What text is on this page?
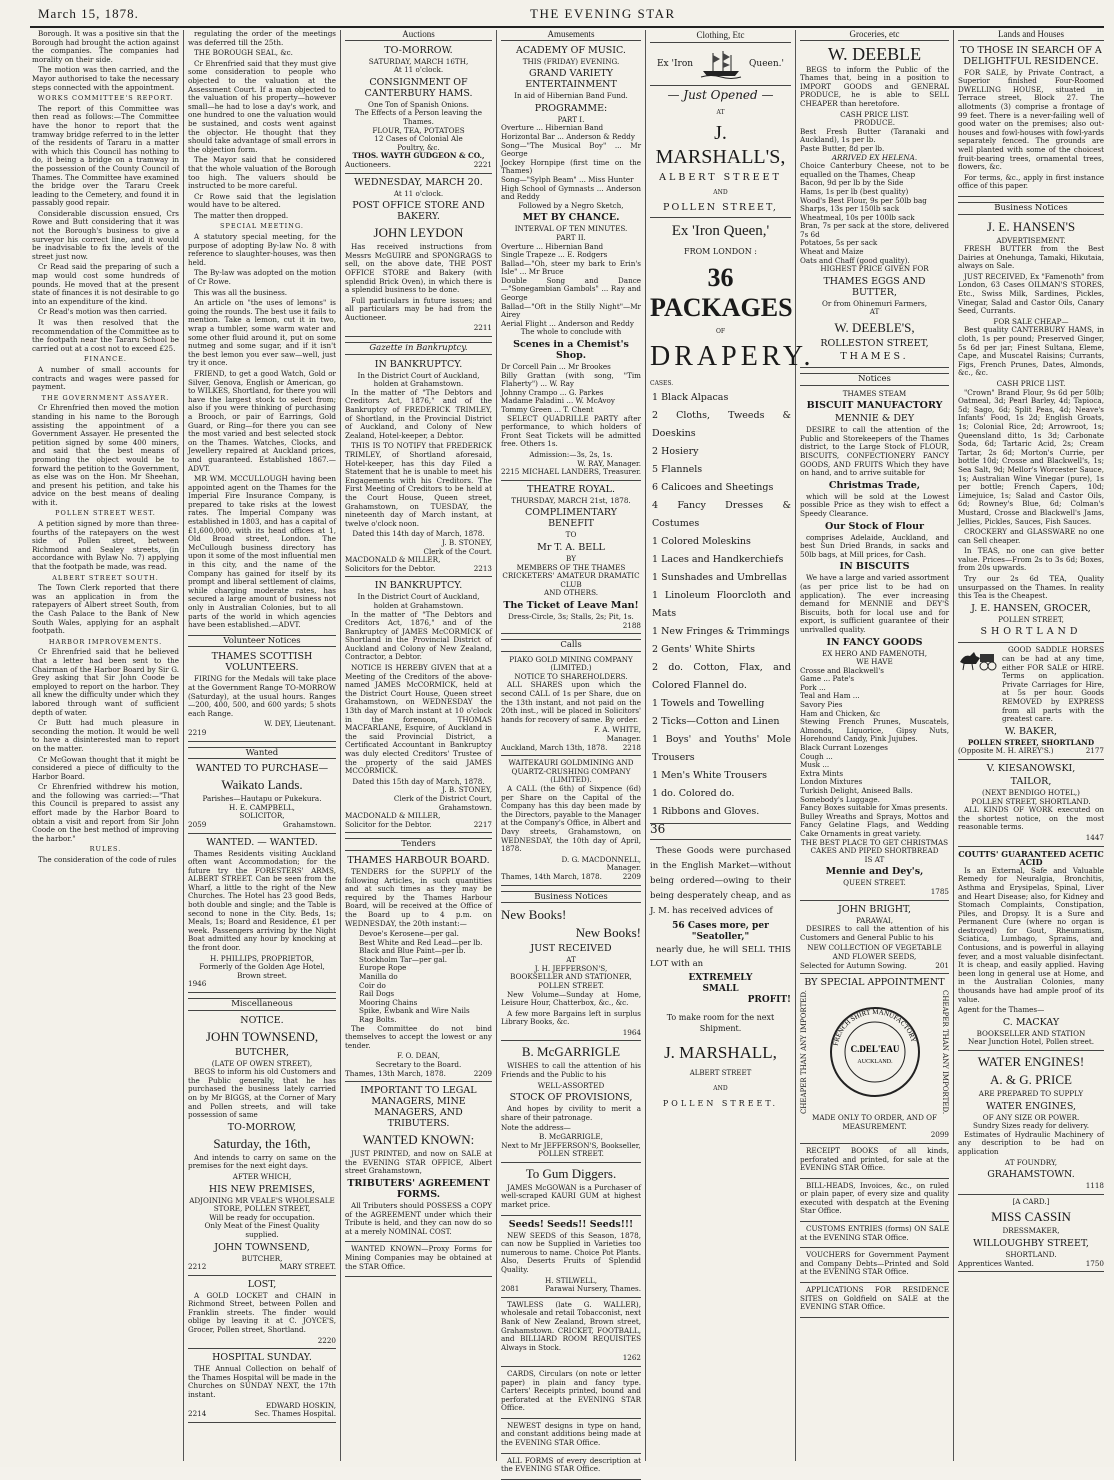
March 15, 1878.	THE EVENING STAR

Borough. It was a positive sin that the Borough had brought the action against the companies. The companies had morality on their side.

The motion was then carried, and the Mayor authorised to take the necessary steps connected with the appointment.

WORKS COMMITTEE'S REPORT.

The report of this Committee was then read as follows:—The Committee have the honor to report that the tramway bridge referred to in the letter of the residents of Tararu in a matter with which this Council has nothing to do, it being a bridge on a tramway in the possession of the County Council of Thames. The Committee have examined the bridge over the Tararu Creek leading to the Cemetery, and found it in passably good repair.

Considerable discussion ensued, Crs Rowe and Butt considering that it was not the Borough's business to give a surveyor his correct line, and it would be inadvisable to fix the levels of the street just now.

Cr Read said the preparing of such a map would cost some hundreds of pounds. He moved that at the present state of finances it is not desirable to go into an expenditure of the kind.

Cr Read's motion was then carried.

It was then resolved that the recommendation of the Committee as to the footpath near the Tararu School be carried out at a cost not to exceed £25.

FINANCE.

A number of small accounts for contracts and wages were passed for payment.

THE GOVERNMENT ASSAYER.

Cr Ehrenfried then moved the motion standing in his name to the Borough assisting the appointment of a Government Assayer. He presented the petition signed by some 400 miners, and said that the best means of promoting the object would be to forward the petition to the Government, as else was on the Hon. Mr Sheehan, and present his petition, and take his advice on the best means of dealing with it.

POLLEN STREET WEST.

A petition signed by more than three-fourths of the ratepayers on the west side of Pollen street, between Richmond and Sealey streets, (in accordance with Bylaw No. 7) applying that the footpath be made, was read.

ALBERT STREET SOUTH.

The Town Clerk reported that there was an application in from the ratepayers of Albert street South, from the Cash Palace to the Bank of New South Wales, applying for an asphalt footpath.

HARBOR IMPROVEMENTS.

Cr Ehrenfried said that he believed that a letter had been sent to the Chairman of the Harbor Board by Sir G. Grey asking that Sir John Coode be employed to report on the harbor. They all knew the difficulty under which they labored through want of sufficient depth of water.

Cr Butt had much pleasure in seconding the motion. It would be well to have a disinterested man to report on the matter.

Cr McGowan thought that it might be considered a piece of difficulty to the Harbor Board.

Cr Ehrenfried withdrew his motion, and the following was carried:—"That this Council is prepared to assist any effort made by the Harbor Board to obtain a visit and report from Sir John Coode on the best method of improving the harbor."

RULES.

The consideration of the code of rules

regulating the order of the meetings was deferred till the 25th.

THE BOROUGH SEAL, &c.

Cr Ehrenfried said that they must give some consideration to people who objected to the valuation at the Assessment Court. If a man objected to the valuation of his property—however small—he had to lose a day's work, and one hundred to one the valuation would be sustained, and costs went against the objector. He thought that they should take advantage of small errors in the objection form.

The Mayor said that he considered that the whole valuation of the Borough too high. The valuers should be instructed to be more careful.

Cr Rowe said that the legislation would have to be altered.

The matter then dropped.

SPECIAL MEETING.

A statutory special meeting, for the purpose of adopting By-law No. 8 with reference to slaughter-houses, was then held.

The By-law was adopted on the motion of Cr Rowe.

This was all the business.

An article on "the uses of lemons" is going the rounds. The best use it fails to mention. Take a lemon, cut it in two, wrap a tumbler, some warm water and some other fluid around it, put on some nutmeg and some sugar, and if it isn't the best lemon you ever saw—well, just try it once.

FRIEND, to get a good Watch, Gold or Silver, Genova, English or American, go to WILKES, Shortland, for there you will have the largest stock to select from; also if you were thinking of purchasing a Brooch, or pair of Earrings, Gold Guard, or Ring—for there you can see the most varied and best selected stock on the Thames. Watches, Clocks, and Jewellery repaired at Auckland prices, and guaranteed. Established 1867.—ADVT.

MR WM. MCCULLOUGH having been appointed agent on the Thames for the Imperial Fire Insurance Company, is prepared to take risks at the lowest rates. The Imperial Company was established in 1803, and has a capital of £1,600,000, with its head offices at 1, Old Broad street, London. The McCullough business directory has upon it some of the most influential men in this city, and the name of the Company has gained for itself by its prompt and liberal settlement of claims, while charging moderate rates, has secured a large amount of business not only in Australian Colonies, but to all parts of the world in which agencies have been established.—ADVT.

Volunteer Notices
THAMES SCOTTISH VOLUNTEERS.

FIRING for the Medals will take place at the Government Range TO-MORROW (Saturday), at the usual hours. Ranges—200, 400, 500, and 600 yards; 5 shots each Range.

W. DEY, Lieutenant.
2219
Wanted
WANTED TO PURCHASE—
Waikato Lands.
Parishes—Hautapu or Pukekura.
H. E. CAMPBELL,
SOLICITOR,
2059	Grahamstown.
WANTED. — WANTED.

Thames Residents visiting Auckland often want Accommodation; for the future try the FORESTERS' ARMS, ALBERT STREET. Can be seen from the Wharf, a little to the right of the New Churches. The Hotel has 23 good Beds, both double and single; and the Table is second to none in the City. Beds, 1s; Meals, 1s; Board and Residence, £1 per week. Passengers arriving by the Night Boat admitted any hour by knocking at the front door.

H. PHILLIPS, PROPRIETOR,
Formerly of the Golden Age Hotel, Brown street.
1946
Miscellaneous
NOTICE.
JOHN TOWNSEND,
BUTCHER,
(LATE OF OWEN STREET),

BEGS to inform his old Customers and the Public generally, that he has purchased the business lately carried on by Mr BIGGS, at the Corner of Mary and Pollen streets, and will take possession of same

TO-MORROW,
Saturday, the 16th,

And intends to carry on same on the premises for the next eight days.

AFTER WHICH,
HIS NEW PREMISES,
ADJOINING MR VEALE'S WHOLESALE STORE, POLLEN STREET,
Will be ready for occupation.
Only Meat of the Finest Quality supplied.
JOHN TOWNSEND,
BUTCHER,
2212	MARY STREET.
LOST,

A GOLD LOCKET and CHAIN in Richmond Street, between Pollen and Franklin streets. The finder would oblige by leaving it at C. JOYCE'S, Grocer, Pollen street, Shortland.

2220
HOSPITAL SUNDAY.

THE Annual Collection on behalf of the Thames Hospital will be made in the Churches on SUNDAY NEXT, the 17th instant.

EDWARD HOSKIN,
2214	Sec. Thames Hospital.
Auctions
TO-MORROW.
SATURDAY, MARCH 16TH,
At 11 o'clock.
CONSIGNMENT OF CANTERBURY HAMS.
One Ton of Spanish Onions.
The Effects of a Person leaving the Thames.
FLOUR, TEA, POTATOES
12 Cases of Colonial Ale
Poultry, &c.
THOS. WAYTH GUDGEON & CO.,
Auctioneers.	2221
WEDNESDAY, MARCH 20.
At 11 o'clock.
POST OFFICE STORE AND BAKERY.
JOHN LEYDON

Has received instructions from Messrs McGUIRE and SPONGRAGS to sell, on the above date, THE POST OFFICE STORE and Bakery (with splendid Brick Oven), in which there is a splendid business to be done.

Full particulars in future issues; and all particulars may be had from the Auctioneer.

2211
Gazette in Bankruptcy.
IN BANKRUPTCY.
In the District Court of Auckland, holden at Grahamstown.

In the matter of "The Debtors and Creditors Act, 1876," and of the Bankruptcy of FREDERICK TRIMLEY, of Shortland, in the Provincial District of Auckland, and Colony of New Zealand, Hotel-keeper, a Debtor.

THIS IS TO NOTIFY that FREDERICK TRIMLEY, of Shortland aforesaid, Hotel-keeper, has this day Filed a Statement that he is unable to meet his Engagements with his Creditors. The First Meeting of Creditors to be held at the Court House, Queen street, Grahamstown, on TUESDAY, the nineteenth day of March instant, at twelve o'clock noon.

Dated this 14th day of March, 1878.
J. B. STONEY,
Clerk of the Court.
MACDONALD & MILLER,
Solicitors for the Debtor.	2213
IN BANKRUPTCY.
In the District Court of Auckland, holden at Grahamstown.

In the matter of "The Debtors and Creditors Act, 1876," and of the Bankruptcy of JAMES McCORMICK of Shortland in the Provincial District of Auckland and Colony of New Zealand, Contractor, a Debtor.

NOTICE IS HEREBY GIVEN that at a Meeting of the Creditors of the above-named JAMES McCORMICK, held at the District Court House, Queen street Grahamstown, on WEDNESDAY the 13th day of March instant at 10 o'clock in the forenoon, THOMAS MACFARLANE, Esquire, of Auckland in the said Provincial District, a Certificated Accountant in Bankruptcy was duly elected Creditors' Trustee of the property of the said JAMES MCCORMICK.

Dated this 15th day of March, 1878.
J. B. STONEY,
Clerk of the District Court, Grahamstown.
MACDONALD & MILLER,
Solicitor for the Debtor.	2217
Tenders
THAMES HARBOUR BOARD.

TENDERS for the SUPPLY of the following Articles, in such quantities and at such times as they may be required by the Thames Harbour Board, will be received at the Office of the Board up to 4 p.m. on WEDNESDAY, the 20th instant:—

Devoe's Kerosene—per gal.
Best White and Red Lead—per lb.
Black and Blue Paint—per lb.
Stockholm Tar—per gal.
Europe Rope
Manilla do
Coir do
Rail Dogs
Mooring Chains
Spike, Ewbank and Wire Nails
Rag Bolts.

The Committee do not bind themselves to accept the lowest or any tender.

F. O. DEAN,
Secretary to the Board.
Thames, 13th March, 1878.	2209
IMPORTANT TO LEGAL MANAGERS, MINE MANAGERS, AND TRIBUTERS.
WANTED KNOWN:

JUST PRINTED, and now on SALE at the EVENING STAR OFFICE, Albert street Grahamstown,

TRIBUTERS' AGREEMENT FORMS.

All Tributers should POSSESS a COPY of the AGREEMENT under which their Tribute is held, and they can now do so at a merely NOMINAL COST.

WANTED KNOWN—Proxy Forms for Mining Companies may be obtained at the STAR Office.

Amusements
ACADEMY OF MUSIC.
THIS (FRIDAY) EVENING.
GRAND VARIETY ENTERTAINMENT
In aid of Hibernian Band Fund.
PROGRAMME:
PART I.
Overture ... Hibernian Band
Horizontal Bar ... Anderson & Reddy
Song—"The Musical Boy" ... Mr George
Jockey Hornpipe (first time on the Thames)
Song—"Sylph Beam" ... Miss Hunter
High School of Gymnasts ... Anderson and Reddy
Followed by a Negro Sketch,
MET BY CHANCE.
INTERVAL OF TEN MINUTES.
PART II.
Overture ... Hibernian Band
Single Trapeze ... E. Rodgers
Ballad—"Oh, steer my bark to Erin's Isle" ... Mr Bruce
Double Song and Dance—"Sonegambian Gambols" ... Ray and George
Ballad—"Oft in the Stilly Night"—Mr Airey
Aerial Flight ... Anderson and Reddy
The whole to conclude with
Scenes in a Chemist's Shop.
Dr Corcell Pain ... Mr Brookes
Billy Grattan (with song, "Tim Flaherty") ... W. Ray
Johnny Crampo ... G. Parkes
Madame Paladini ... W. McAvoy
Tommy Green ... T. Chent

SELECT QUADRILLE PARTY after performance, to which holders of Front Seat Tickets will be admitted free. Others 1s.

Admission:—3s, 2s, 1s.
W. RAY, Manager.
2215 MICHAEL LANDERS, Treasurer.
THEATRE ROYAL.
THURSDAY, MARCH 21st, 1878.
COMPLIMENTARY BENEFIT
TO
Mr T. A. BELL
BY
MEMBERS OF THE THAMES CRICKETERS' AMATEUR DRAMATIC CLUB
AND OTHERS.
The Ticket of Leave Man!
Dress-Circle, 3s; Stalls, 2s; Pit, 1s.
2188
Calls
PIAKO GOLD MINING COMPANY
(LIMITED.)
NOTICE TO SHAREHOLDERS.

ALL SHARES upon which the second CALL of 1s per Share, due on the 13th instant, and not paid on the 20th inst., will be placed in Solicitors' hands for recovery of same. By order.

F. A. WHITE,
Manager.
Auckland, March 13th, 1878. 2218
WAITEKAURI GOLDMINING AND QUARTZ-CRUSHING COMPANY
(LIMITED).

A CALL (the 6th) of Sixpence (6d) per Share on the Capital of the Company has this day been made by the Directors, payable to the Manager at the Company's Office, in Albert and Davy streets, Grahamstown, on WEDNESDAY, the 10th day of April, 1878.

D. G. MACDONNELL,
Manager.
Thames, 14th March, 1878.	2209
Business Notices
New Books!
New Books!
JUST RECEIVED
AT
J. H. JEFFERSON'S,
BOOKSELLER AND STATIONER, POLLEN STREET.

New Volume—Sunday at Home, Leisure Hour, Chatterbox, &c., &c.

A few more Bargains left in surplus Library Books, &c.

1964
B. McGARRIGLE

WISHES to call the attention of his Friends and the Public to his

WELL-ASSORTED
STOCK OF PROVISIONS,

And hopes by civility to merit a share of their patronage.

Note the address—
B. McGARRIGLE,
Next to Mr JEFFERSON'S, Bookseller,
POLLEN STREET.
To Gum Diggers.

JAMES McGOWAN is a Purchaser of well-scraped KAURI GUM at highest market price.

Seeds! Seeds!! Seeds!!!

NEW SEEDS of this Season, 1878, can now be Supplied in Varieties too numerous to name. Choice Pot Plants. Also, Deserts Fruits of Splendid Quality.

H. STILWELL,
2081	Parawai Nursery, Thames.

TAWLESS (late G. WALLER), wholesale and retail Tobacconist, next Bank of New Zealand, Brown street, Grahamstown. CRICKET, FOOTBALL, and BILLIARD ROOM REQUISITES Always in Stock.

1262

CARDS, Circulars (on note or letter paper) in plain and fancy type. Carters' Receipts printed, bound and perforated at the EVENING STAR Office.

NEWEST designs in type on hand, and constant additions being made at the EVENING STAR Office.

ALL FORMS of every description at the EVENING STAR Office.

Clothing, Etc
Ex 'Iron	Queen.'
— Just Opened —
AT
J. MARSHALL'S,
ALBERT STREET
AND
POLLEN STREET,
Ex 'Iron Queen,'
FROM LONDON :
36 PACKAGES
OF
DRAPERY.
CASES.
1 Black Alpacas
2 Cloths, Tweeds & Doeskins
2 Hosiery
5 Flannels
6 Calicoes and Sheetings
4 Fancy Dresses & Costumes
1 Colored Moleskins
1 Laces and Handkerchiefs
1 Sunshades and Umbrellas
1 Linoleum Floorcloth and Mats
1 New Fringes & Trimmings
2 Gents' White Shirts
2 do. Cotton, Flax, and Colored Flannel do.
1 Towels and Towelling
2 Ticks—Cotton and Linen
1 Boys' and Youths' Mole Trousers
1 Men's White Trousers
1 do. Colored do.
1 Ribbons and Gloves.
36

These Goods were purchased in the English Market—without being ordered—owing to their being desperately cheap, and as J. M. has received advices of

56 Cases more, per "Seatoller,"

nearly due, he will SELL THIS LOT with an

EXTREMELY
SMALL
PROFIT!
To make room for the next Shipment.
J. MARSHALL,
ALBERT STREET
AND
POLLEN STREET.
Groceries, etc
W. DEEBLE

BEGS to inform the Public of the Thames that, being in a position to IMPORT GOODS and GENERAL PRODUCE, he is able to SELL CHEAPER than heretofore.

CASH PRICE LIST.
PRODUCE.
Best Fresh Butter (Taranaki and Auckland), 1s per lb.
Paste Butter, 8d per lb.
ARRIVED EX HELENA.
Choice Canterbury Cheese, not to be equalled on the Thames, Cheap
Bacon, 9d per lb by the Side
Hams, 1s per lb (best quality)
Wood's Best Flour, 9s per 50lb bag
Sharps, 13s per 150lb sack
Wheatmeal, 10s per 100lb sack
Bran, 7s per sack at the store, delivered 7s 6d
Potatoes, 5s per sack
Wheat and Maize
Oats and Chaff (good quality).
HIGHEST PRICE GIVEN FOR
THAMES EGGS AND BUTTER,
Or from Ohinemuri Farmers,
AT
W. DEEBLE'S,
ROLLESTON STREET,
THAMES.
Notices
THAMES STEAM
BISCUIT MANUFACTORY
MENNIE & DEY

DESIRE to call the attention of the Public and Storekeepers of the Thames district, to the Large Stock of FLOUR, BISCUITS, CONFECTIONERY FANCY GOODS, AND FRUITS Which they have on hand, and to arrive suitable for

Christmas Trade,

which will be sold at the Lowest possible Price as they wish to effect a Speedy Clearance.

Our Stock of Flour

comprises Adelaide, Auckland, and best Sun Dried Brands, in sacks and 50lb bags, at Mill prices, for Cash.

IN BISCUITS

We have a large and varied assortment (as per price list to be had on application). The ever increasing demand for MENNIE and DEY'S Biscuits, both for local use and for export, is sufficient guarantee of their unrivalled quality.

IN FANCY GOODS
EX HERO AND FAMENOTH,
WE HAVE
Crosse and Blackwell's
Game ... Pate's
Pork ...
Teal and Ham ...
Savory Pies
Ham and Chicken, &c
Stewing French Prunes, Muscatels, Almonds, Liquorice, Gipsy Nuts, Horehound Candy, Pink Jujubes.
Black Currant Lozenges
Cough ...
Musk ...
Extra Mints
London Mixtures
Turkish Delight, Aniseed Balls.
Somebody's Luggage.
Fancy Boxes suitable for Xmas presents.
Bulley Wreaths and Sprays, Mottos and Fancy Gelatine Flags, and Wedding Cake Ornaments in great variety.
THE BEST PLACE TO GET CHRISTMAS CAKES AND PIPED SHORTBREAD
IS AT
Mennie and Dey's,
QUEEN STREET.
1785
JOHN BRIGHT,
PARAWAI,

DESIRES to call the attention of his Customers and General Public to his

NEW COLLECTION OF VEGETABLE AND FLOWER SEEDS,
Selected for Autumn Sowing.	201
BY SPECIAL APPOINTMENT
CHEAPER THAN ANY IMPORTED.	FRENCH SHIRT MANUFACTORY
C.DEL'EAU
AUCKLAND.	CHEAPER THAN ANY IMPORTED.
MADE ONLY TO ORDER, AND OF MEASUREMENT.
2099

RECEIPT BOOKS of all kinds, perforated and printed, for sale at the EVENING STAR Office.

BILL-HEADS, Invoices, &c., on ruled or plain paper, of every size and quality executed with despatch at the Evening Star Office.

CUSTOMS ENTRIES (forms) ON SALE at the EVENING STAR Office.

VOUCHERS for Government Payment and Company Debts—Printed and Sold at the EVENING STAR Office.

APPLICATIONS FOR RESIDENCE SITES on Goldfield on SALE at the EVENING STAR Office.

Lands and Houses
TO THOSE IN SEARCH OF A DELIGHTFUL RESIDENCE.

FOR SALE, by Private Contract, a Superior finished Four-Roomed DWELLING HOUSE, situated in Terrace street, Block 27. The allotments (3) comprise a frontage of 99 feet. There is a never-failing well of good water on the premises; also out-houses and fowl-houses with fowl-yards separately fenced. The grounds are well planted with some of the choicest fruit-bearing trees, ornamental trees, flowers, &c.

For terms, &c., apply in first instance office of this paper.

Business Notices
J. E. HANSEN'S
ADVERTISEMENT.

FRESH BUTTER from the Best Dairies at Onehunga, Tamaki, Hikutaia, always on Sale.

JUST RECEIVED, Ex "Famenoth" from London, 63 Cases OILMAN'S STORES, Etc., Swiss Milk, Sardines, Pickles, Vinegar, Salad and Castor Oils, Canary Seed, Currants.

FOR SALE CHEAP—

Best quality CANTERBURY HAMS, in cloth, 1s per pound; Preserved Ginger, 5s 6d per jar; Finest Sultana, Eleme, Cape, and Muscatel Raisins; Currants, Figs, French Prunes, Dates, Almonds, &c., &c.

CASH PRICE LIST.

"Crown" Brand Flour, 9s 6d per 50lb; Oatmeal, 3d; Pearl Barley, 4d; Tapioca, 5d; Sago, 6d; Split Peas, 4d; Neave's Infants' Food, 1s 2d; English Groats, 1s; Colonial Rice, 2d; Arrowroot, 1s; Queensland ditto, 1s 3d; Carbonate Soda, 6d; Tartaric Acid, 2s; Cream Tartar, 2s 6d; Morton's Currie, per bottle 10d; Crosse and Blackwell's, 1s; Sea Salt, 9d; Mellor's Worcester Sauce, 1s; Australian Wine Vinegar (pure), 1s per bottle; French Capers, 10d; Limejuice, 1s; Salad and Castor Oils, 6d; Rowney's Blue, 6d; Colman's Mustard, Crosse and Blackwell's Jams, Jellies, Pickles, Sauces, Fish Sauces.

CROCKERY and GLASSWARE no one can Sell cheaper.

In TEAS, no one can give better value. Prices—From 2s to 3s 6d; Boxes, from 20s upwards.

Try our 2s 6d TEA, Quality unsurpassed on the Thames. In reality this Tea is the Cheapest.

J. E. HANSEN, GROCER,
POLLEN STREET,
SHORTLAND

GOOD SADDLE HORSES can be had at any time, either FOR SALE or HIRE. Terms on application. Private Carriages for Hire, at 5s per hour. Goods REMOVED by EXPRESS from all parts with the greatest care.

W. BAKER,
POLLEN STREET, SHORTLAND
(Opposite M. H. AIREY'S.)	2177
V. KIESANOWSKI,
TAILOR,
(NEXT BENDIGO HOTEL,)
POLLEN STREET, SHORTLAND.

ALL KINDS OF WORK executed on the shortest notice, on the most reasonable terms.

1447
COUTTS' GUARANTEED ACETIC ACID

Is an External, Safe and Valuable Remedy for Neuralgia, Bronchitis, Asthma and Erysipelas, Spinal, Liver and Heart Disease; also, for Kidney and Stomach Complaints, Constipation, Piles, and Dropsy. It is a Sure and Permanent Cure (where no organ is destroyed) for Gout, Rheumatism, Sciatica, Lumbago, Sprains, and Contusions, and is powerful in allaying fever, and a most valuable disinfectant. It is cheap, and easily applied. Having been long in general use at Home, and in the Australian Colonies, many thousands have had ample proof of its value.

Agent for the Thames—
C. MACKAY
BOOKSELLER AND STATION
Near Junction Hotel, Pollen street.
WATER ENGINES!
A. & G. PRICE
ARE PREPARED TO SUPPLY
WATER ENGINES,
OF ANY SIZE OR POWER.
Sundry Sizes ready for delivery.

Estimates of Hydraulic Machinery of any description to be had on application

AT FOUNDRY,
GRAHAMSTOWN.
1118
[A CARD.]
MISS CASSIN
DRESSMAKER,
WILLOUGHBY STREET,
SHORTLAND.
Apprentices Wanted.	1750
